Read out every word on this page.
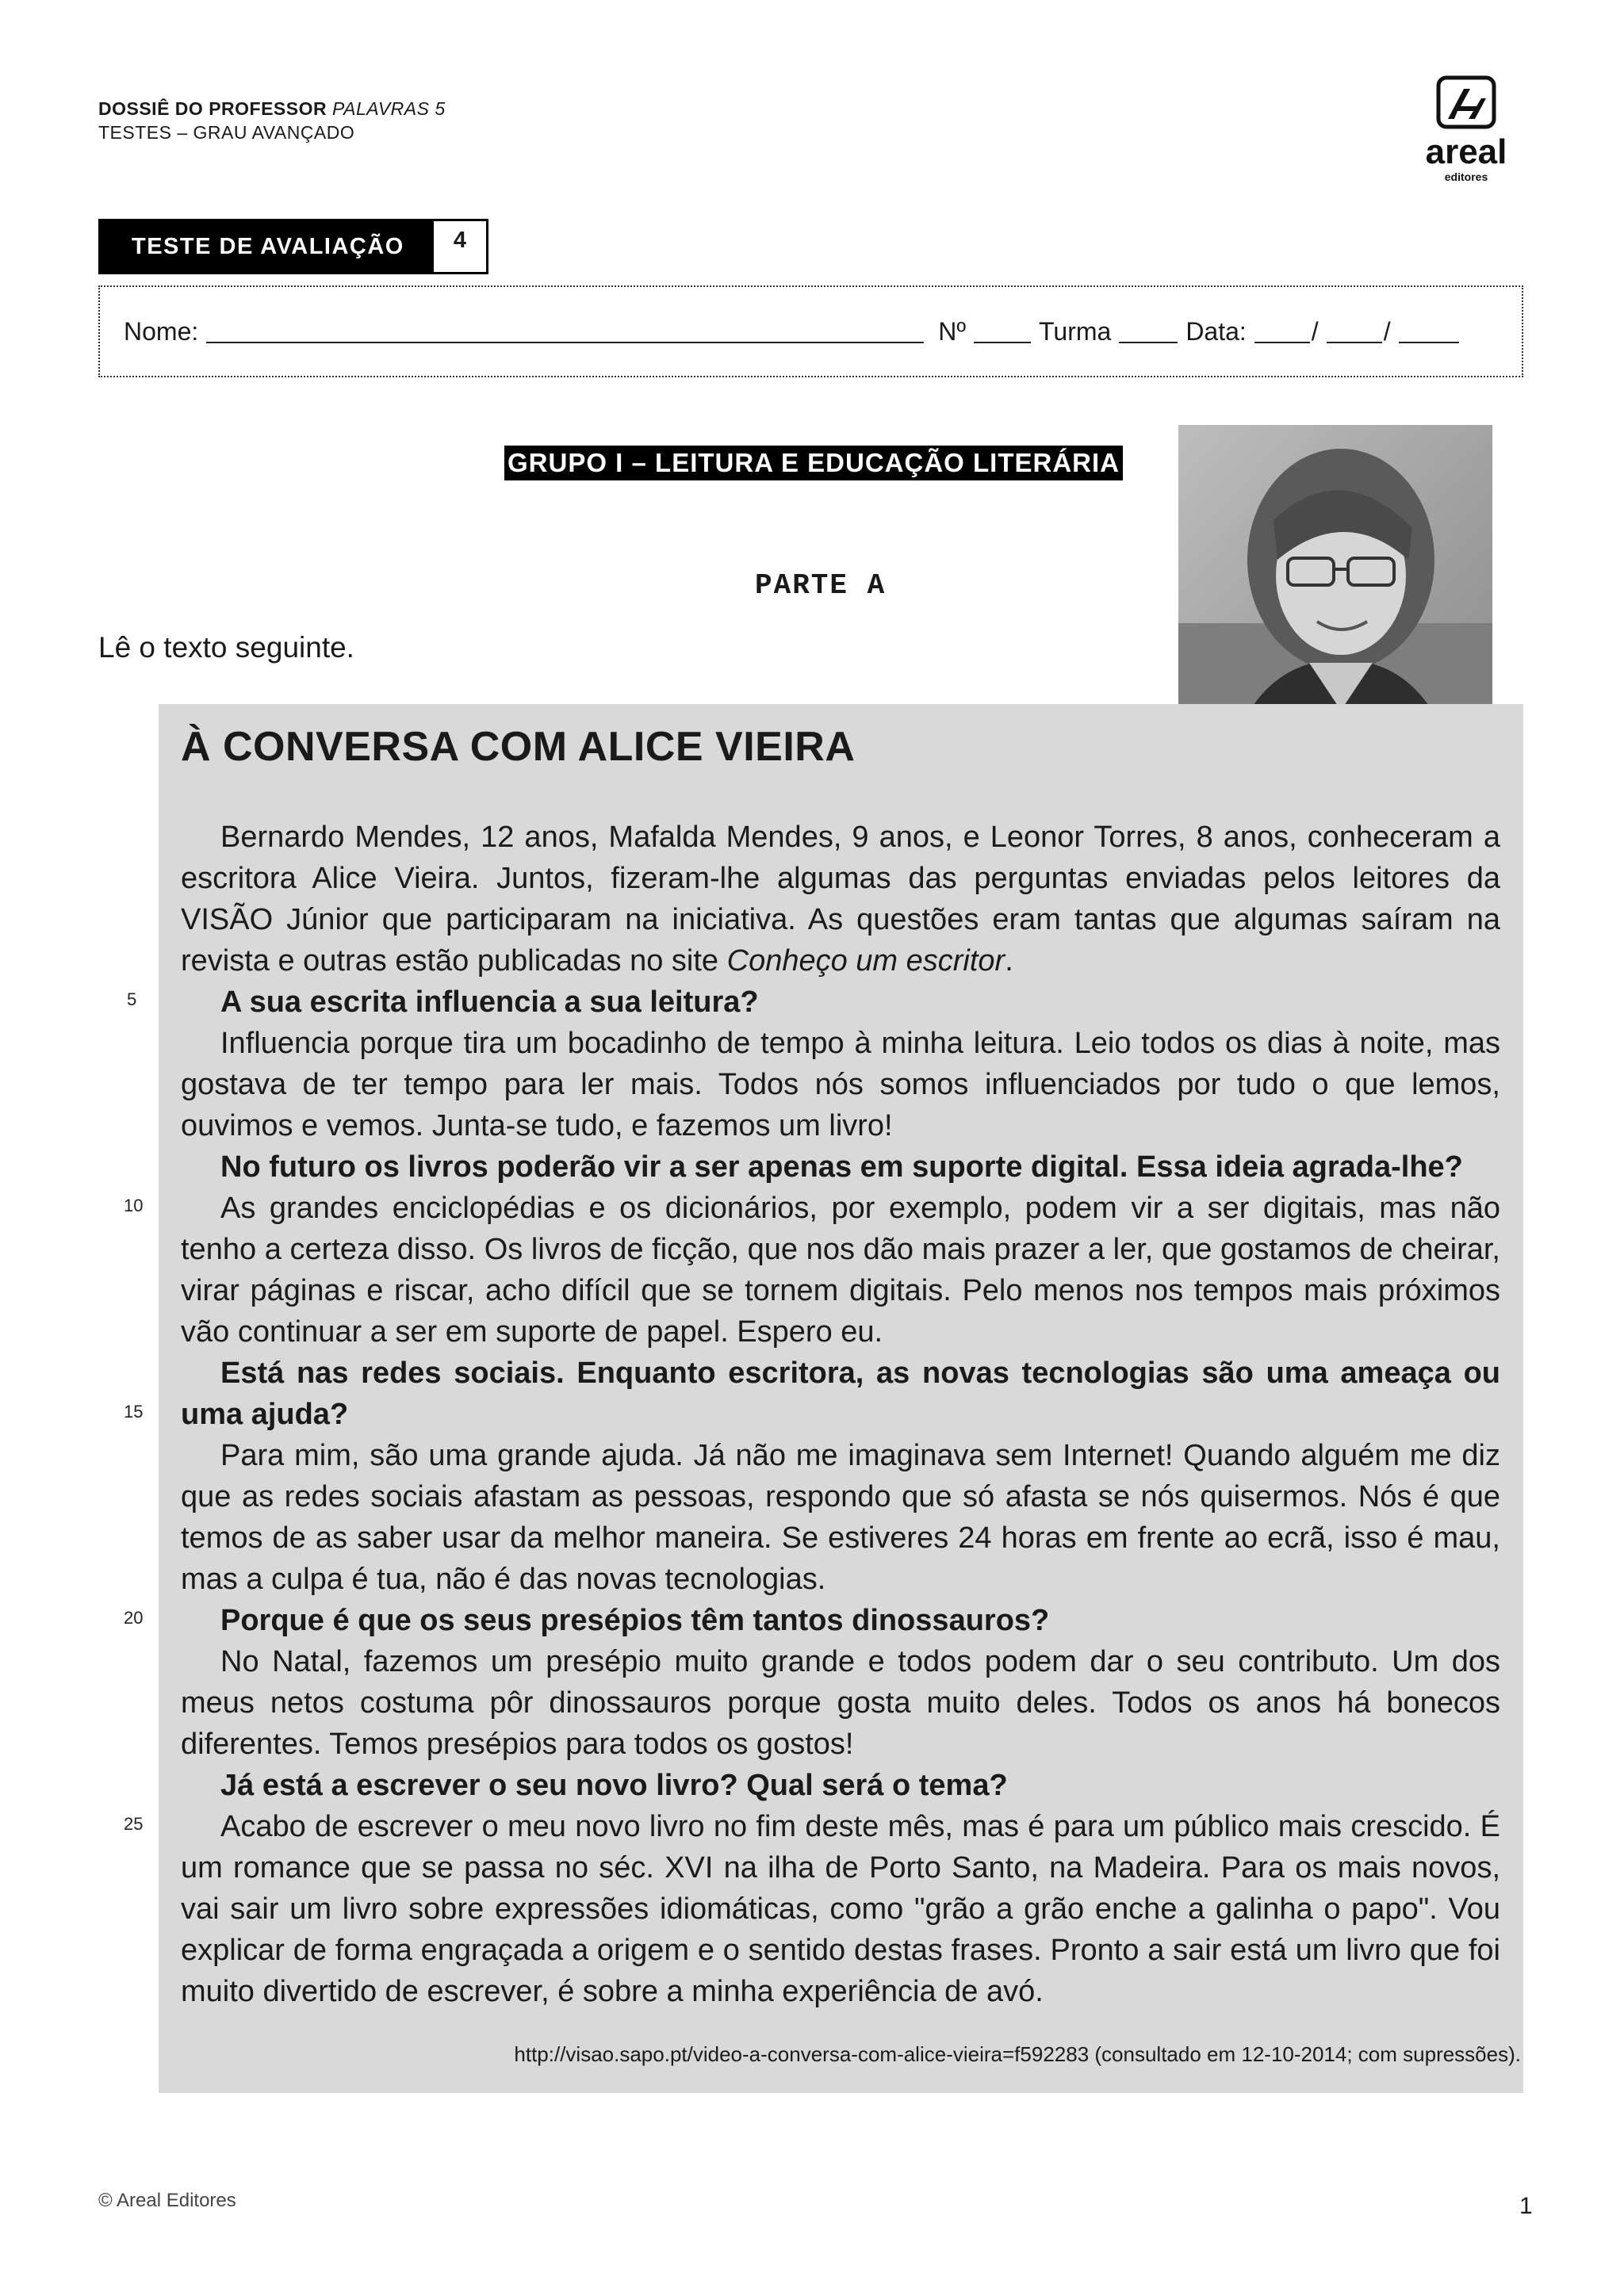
DOSSIÊ DO PROFESSOR PALAVRAS 5
TESTES – GRAU AVANÇADO	areal
editores
TESTE DE AVALIAÇÃO	4
Nome:	Nº	Turma	Data:	/	/
GRUPO I – LEITURA E EDUCAÇÃO LITERÁRIA
PARTE A
Lê o texto seguinte.
À CONVERSA COM ALICE VIEIRA

Bernardo Mendes, 12 anos, Mafalda Mendes, 9 anos, e Leonor Torres, 8 anos, conheceram a escritora Alice Vieira. Juntos, fizeram-lhe algumas das perguntas enviadas pelos leitores da VISÃO Júnior que participaram na iniciativa. As questões eram tantas que algumas saíram na revista e outras estão publicadas no site Conheço um escritor.

A sua escrita influencia a sua leitura?

Influencia porque tira um bocadinho de tempo à minha leitura. Leio todos os dias à noite, mas gostava de ter tempo para ler mais. Todos nós somos influenciados por tudo o que lemos, ouvimos e vemos. Junta-se tudo, e fazemos um livro!

No futuro os livros poderão vir a ser apenas em suporte digital. Essa ideia agrada-lhe?

As grandes enciclopédias e os dicionários, por exemplo, podem vir a ser digitais, mas não tenho a certeza disso. Os livros de ficção, que nos dão mais prazer a ler, que gostamos de cheirar, virar páginas e riscar, acho difícil que se tornem digitais. Pelo menos nos tempos mais próximos vão continuar a ser em suporte de papel. Espero eu.

Está nas redes sociais. Enquanto escritora, as novas tecnologias são uma ameaça ou uma ajuda?

Para mim, são uma grande ajuda. Já não me imaginava sem Internet! Quando alguém me diz que as redes sociais afastam as pessoas, respondo que só afasta se nós quisermos. Nós é que temos de as saber usar da melhor maneira. Se estiveres 24 horas em frente ao ecrã, isso é mau, mas a culpa é tua, não é das novas tecnologias.

Porque é que os seus presépios têm tantos dinossauros?

No Natal, fazemos um presépio muito grande e todos podem dar o seu contributo. Um dos meus netos costuma pôr dinossauros porque gosta muito deles. Todos os anos há bonecos diferentes. Temos presépios para todos os gostos!

Já está a escrever o seu novo livro? Qual será o tema?

Acabo de escrever o meu novo livro no fim deste mês, mas é para um público mais crescido. É um romance que se passa no séc. XVI na ilha de Porto Santo, na Madeira. Para os mais novos, vai sair um livro sobre expressões idiomáticas, como "grão a grão enche a galinha o papo". Vou explicar de forma engraçada a origem e o sentido destas frases. Pronto a sair está um livro que foi muito divertido de escrever, é sobre a minha experiência de avó.

5
10
15
20
25
http://visao.sapo.pt/video-a-conversa-com-alice-vieira=f592283 (consultado em 12-10-2014; com supressões).
© Areal Editores	1
